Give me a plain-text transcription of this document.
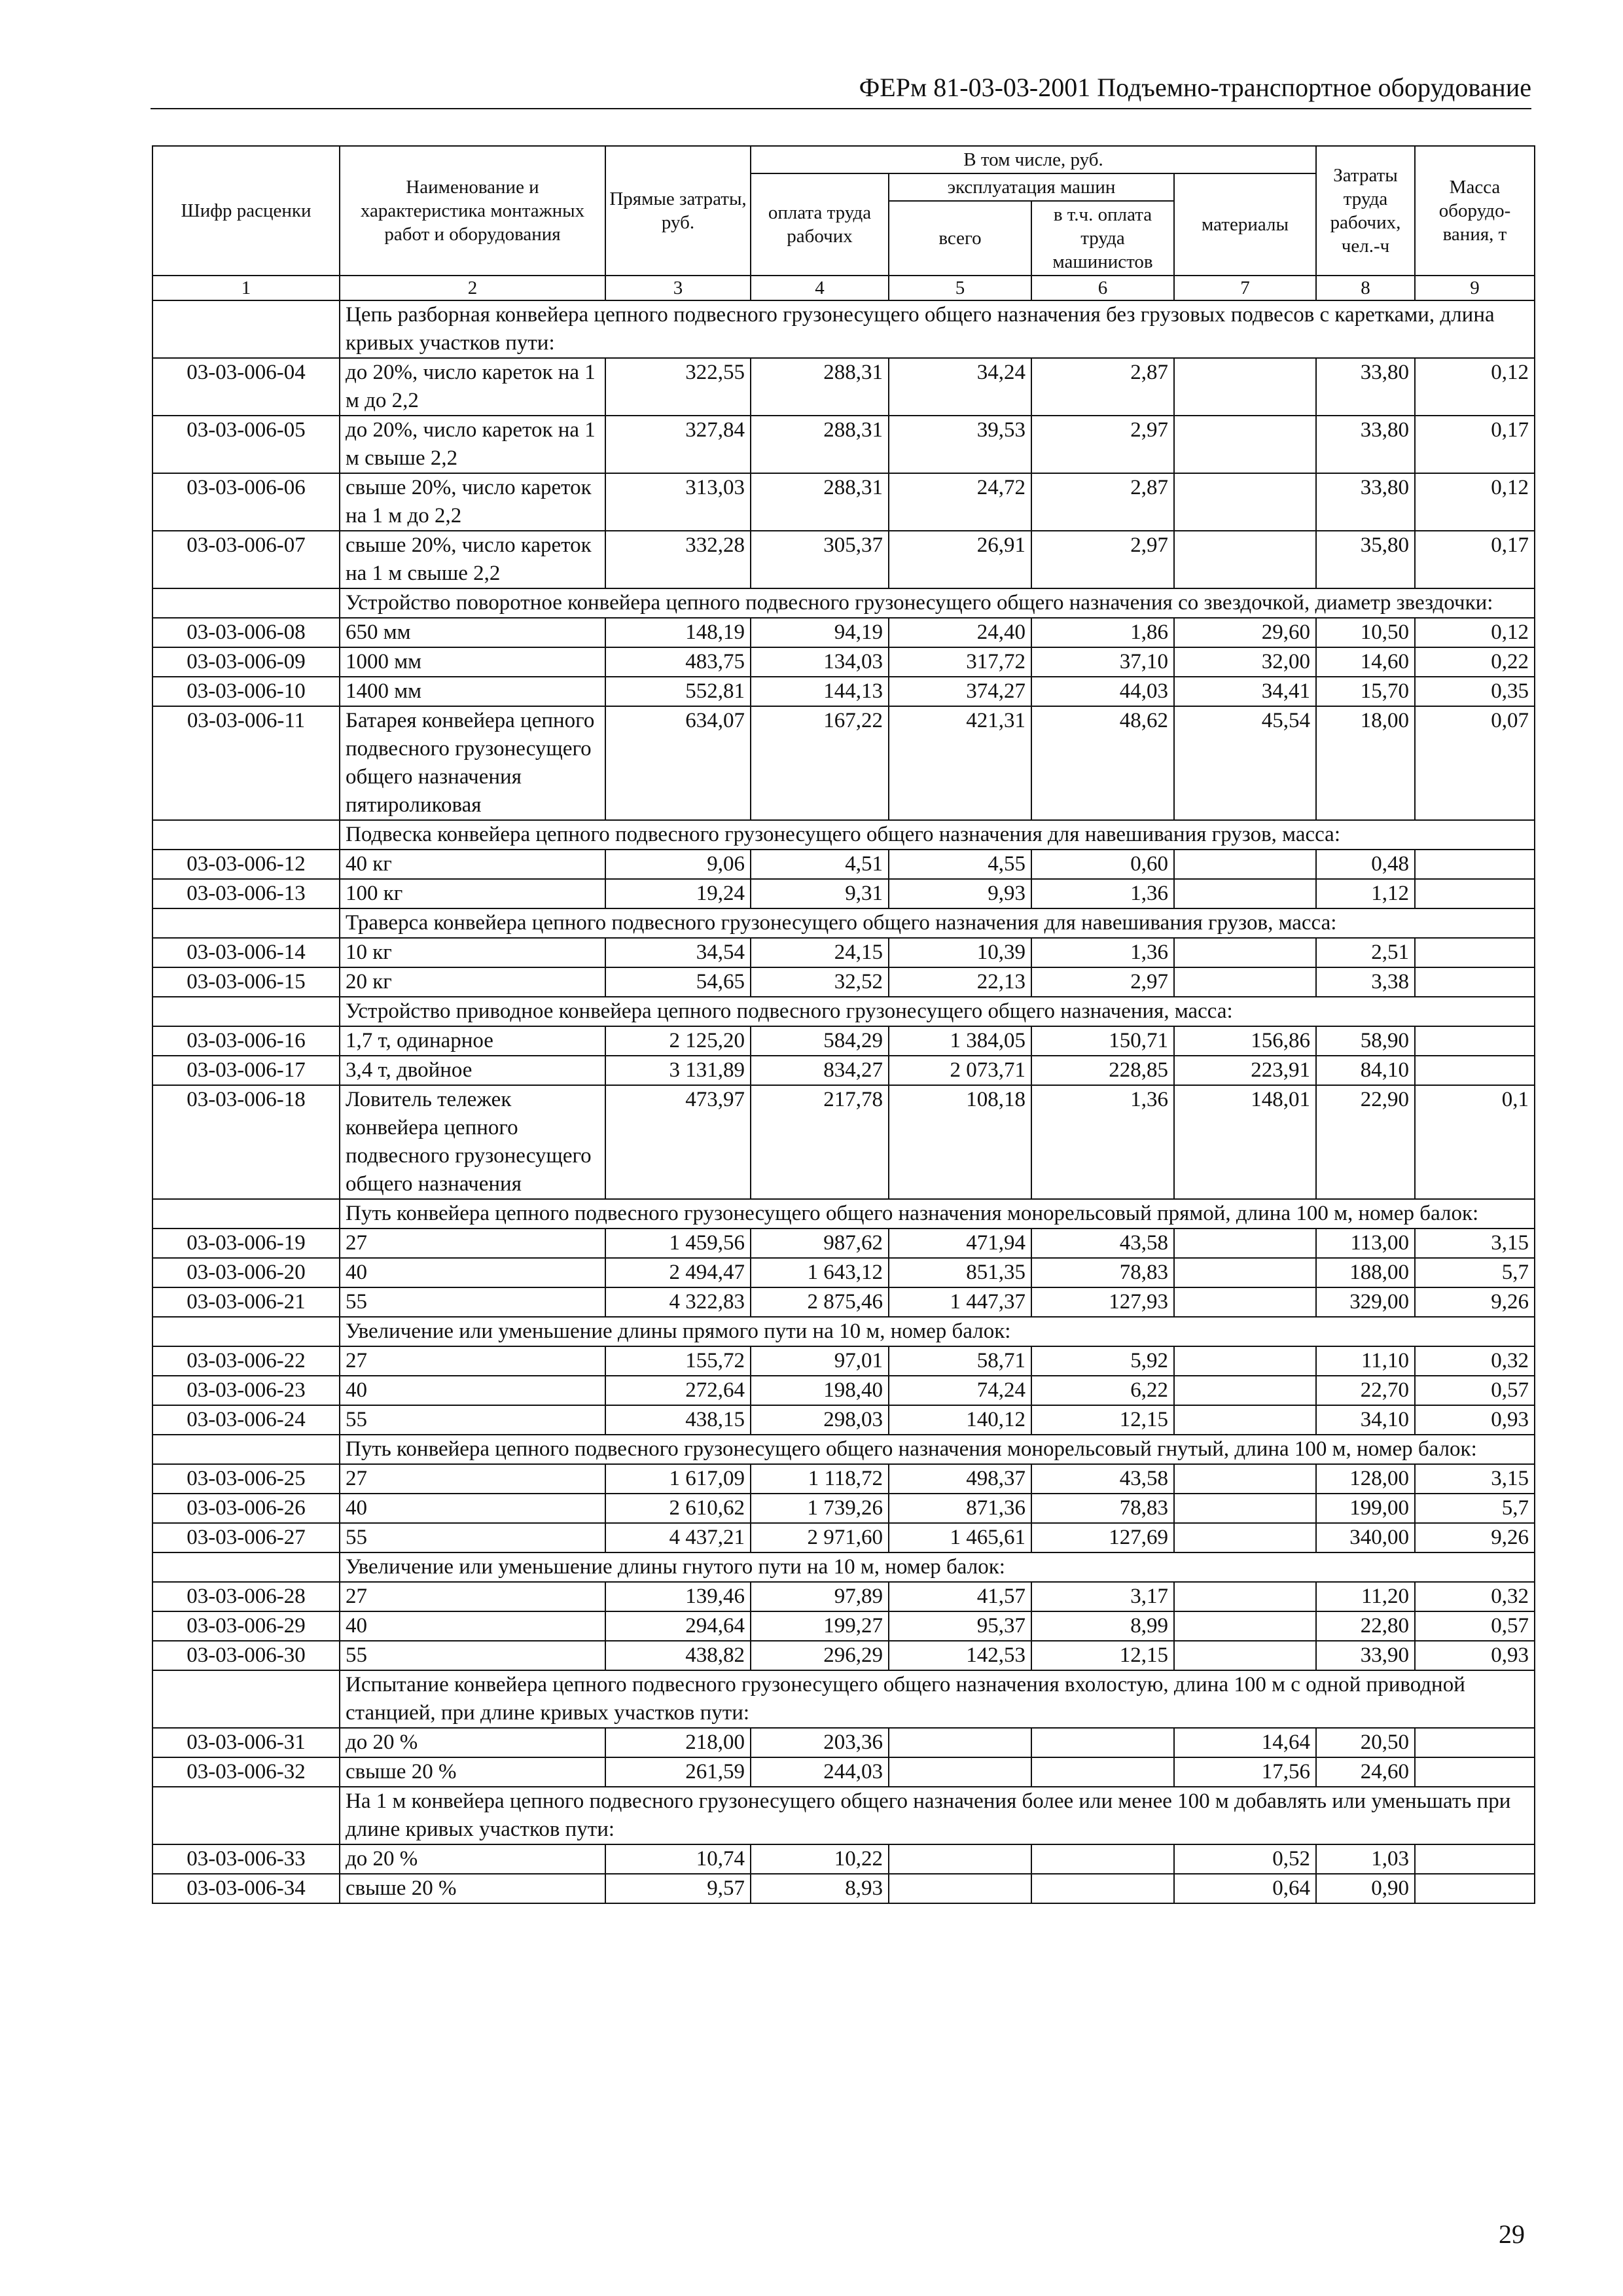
ФЕРм 81-03-03-2001 Подъемно-транспортное оборудование
Шифр расценки	Наименование и характеристика монтажных работ и оборудования	Прямые затраты, руб.	В том числе, руб.				Затраты труда рабочих, чел.-ч	Масса оборудо-вания, т
			оплата труда рабочих	эксплуатация машин		материалы		
				всего	в т.ч. оплата труда машинистов			
1	2	3	4	5	6	7	8	9
	Цепь разборная конвейера цепного подвесного грузонесущего общего назначения без грузовых подвесов с каретками, длина кривых участков пути:							
03-03-006-04	до 20%, число кареток на 1 м до 2,2	322,55	288,31	34,24	2,87		33,80	0,12
03-03-006-05	до 20%, число кареток на 1 м свыше 2,2	327,84	288,31	39,53	2,97		33,80	0,17
03-03-006-06	свыше 20%, число кареток на 1 м до 2,2	313,03	288,31	24,72	2,87		33,80	0,12
03-03-006-07	свыше 20%, число кареток на 1 м свыше 2,2	332,28	305,37	26,91	2,97		35,80	0,17
	Устройство поворотное конвейера цепного подвесного грузонесущего общего назначения со звездочкой, диаметр звездочки:							
03-03-006-08	650 мм	148,19	94,19	24,40	1,86	29,60	10,50	0,12
03-03-006-09	1000 мм	483,75	134,03	317,72	37,10	32,00	14,60	0,22
03-03-006-10	1400 мм	552,81	144,13	374,27	44,03	34,41	15,70	0,35
03-03-006-11	Батарея конвейера цепного подвесного грузонесущего общего назначения пятироликовая	634,07	167,22	421,31	48,62	45,54	18,00	0,07
	Подвеска конвейера цепного подвесного грузонесущего общего назначения для навешивания грузов, масса:							
03-03-006-12	40 кг	9,06	4,51	4,55	0,60		0,48	
03-03-006-13	100 кг	19,24	9,31	9,93	1,36		1,12	
	Траверса конвейера цепного подвесного грузонесущего общего назначения для навешивания грузов, масса:							
03-03-006-14	10 кг	34,54	24,15	10,39	1,36		2,51	
03-03-006-15	20 кг	54,65	32,52	22,13	2,97		3,38	
	Устройство приводное конвейера цепного подвесного грузонесущего общего назначения, масса:							
03-03-006-16	1,7 т, одинарное	2 125,20	584,29	1 384,05	150,71	156,86	58,90	
03-03-006-17	3,4 т, двойное	3 131,89	834,27	2 073,71	228,85	223,91	84,10	
03-03-006-18	Ловитель тележек конвейера цепного подвесного грузонесущего общего назначения	473,97	217,78	108,18	1,36	148,01	22,90	0,1
	Путь конвейера цепного подвесного грузонесущего общего назначения монорельсовый прямой, длина 100 м, номер балок:							
03-03-006-19	27	1 459,56	987,62	471,94	43,58		113,00	3,15
03-03-006-20	40	2 494,47	1 643,12	851,35	78,83		188,00	5,7
03-03-006-21	55	4 322,83	2 875,46	1 447,37	127,93		329,00	9,26
	Увеличение или уменьшение длины прямого пути на 10 м, номер балок:							
03-03-006-22	27	155,72	97,01	58,71	5,92		11,10	0,32
03-03-006-23	40	272,64	198,40	74,24	6,22		22,70	0,57
03-03-006-24	55	438,15	298,03	140,12	12,15		34,10	0,93
	Путь конвейера цепного подвесного грузонесущего общего назначения монорельсовый гнутый, длина 100 м, номер балок:							
03-03-006-25	27	1 617,09	1 118,72	498,37	43,58		128,00	3,15
03-03-006-26	40	2 610,62	1 739,26	871,36	78,83		199,00	5,7
03-03-006-27	55	4 437,21	2 971,60	1 465,61	127,69		340,00	9,26
	Увеличение или уменьшение длины гнутого пути на 10 м, номер балок:							
03-03-006-28	27	139,46	97,89	41,57	3,17		11,20	0,32
03-03-006-29	40	294,64	199,27	95,37	8,99		22,80	0,57
03-03-006-30	55	438,82	296,29	142,53	12,15		33,90	0,93
	Испытание конвейера цепного подвесного грузонесущего общего назначения вхолостую, длина 100 м с одной приводной станцией, при длине кривых участков пути:							
03-03-006-31	до 20 %	218,00	203,36			14,64	20,50	
03-03-006-32	свыше 20 %	261,59	244,03			17,56	24,60	
	На 1 м конвейера цепного подвесного грузонесущего общего назначения более или менее 100 м добавлять или уменьшать при длине кривых участков пути:							
03-03-006-33	до 20 %	10,74	10,22			0,52	1,03	
03-03-006-34	свыше 20 %	9,57	8,93			0,64	0,90	
29
